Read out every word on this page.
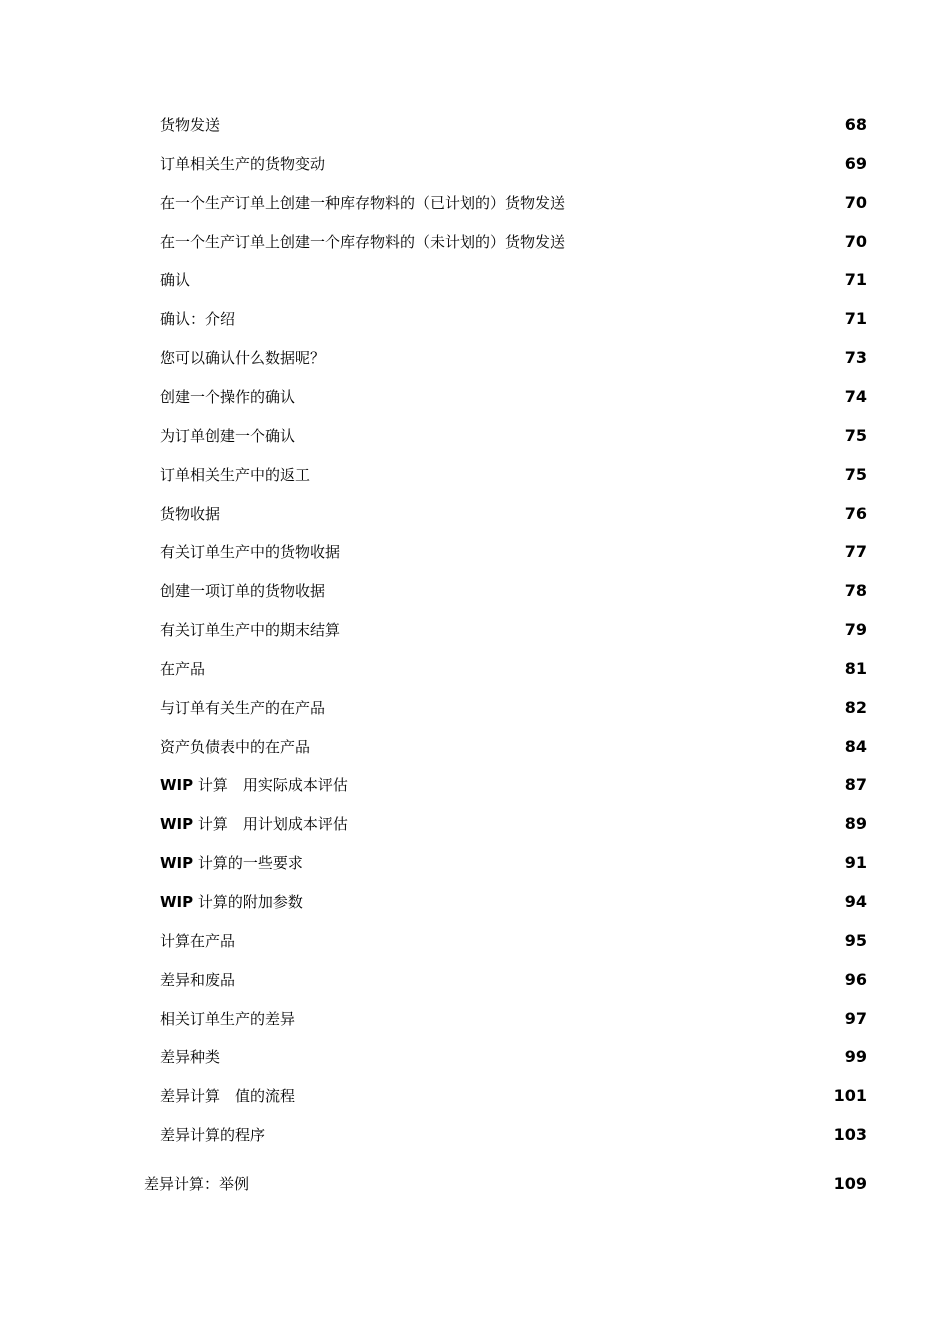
货物发送	68
订单相关生产的货物变动	69
在一个生产订单上创建一种库存物料的（已计划的）货物发送	70
在一个生产订单上创建一个库存物料的（未计划的）货物发送	70
确认	71
确认：介绍	71
您可以确认什么数据呢？	73
创建一个操作的确认	74
为订单创建一个确认	75
订单相关生产中的返工	75
货物收据	76
有关订单生产中的货物收据	77
创建一项订单的货物收据	78
有关订单生产中的期末结算	79
在产品	81
与订单有关生产的在产品	82
资产负债表中的在产品	84
WIP 计算　用实际成本评估	87
WIP 计算　用计划成本评估	89
WIP 计算的一些要求	91
WIP 计算的附加参数	94
计算在产品	95
差异和废品	96
相关订单生产的差异	97
差异种类	99
差异计算　值的流程	101
差异计算的程序	103
差异计算：举例	109
